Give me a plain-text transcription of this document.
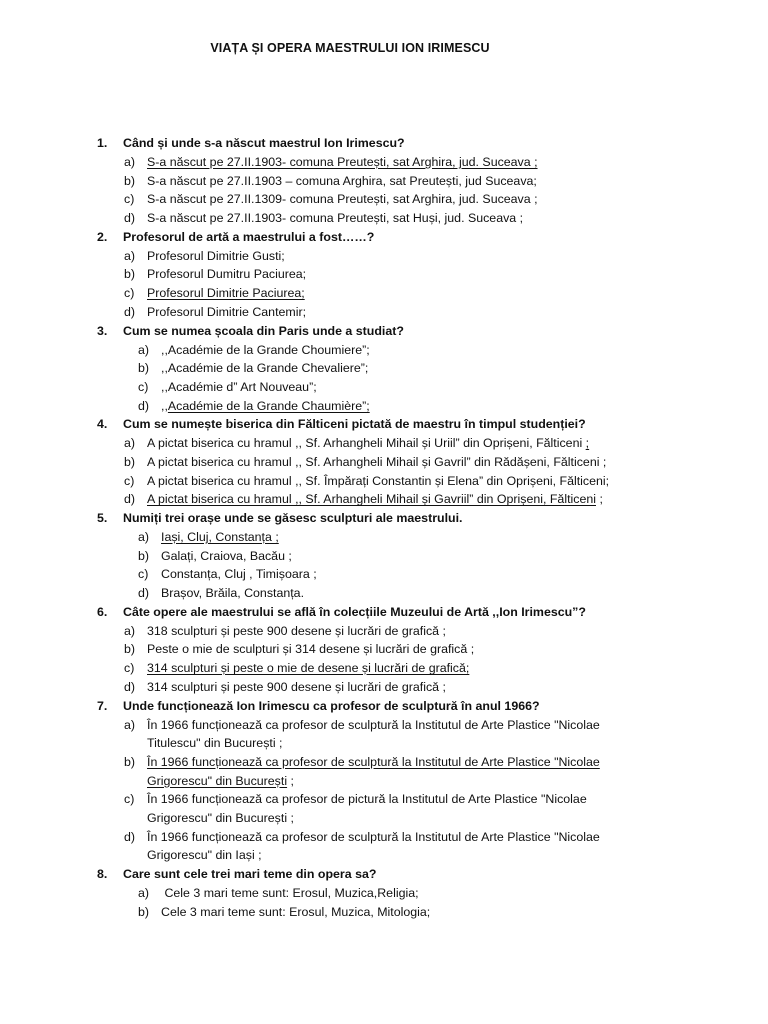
VIAȚA ȘI OPERA MAESTRULUI ION IRIMESCU
1. Când și unde s-a născut maestrul Ion Irimescu?
a) S-a născut pe 27.II.1903- comuna Preutești, sat Arghira, jud. Suceava ;
b) S-a născut pe 27.II.1903 – comuna Arghira, sat Preutești, jud Suceava;
c) S-a născut pe 27.II.1309- comuna Preutești, sat Arghira, jud. Suceava ;
d) S-a născut pe 27.II.1903- comuna Preutești, sat Huși, jud. Suceava ;
2. Profesorul de artă a maestrului a fost……?
a) Profesorul Dimitrie Gusti;
b) Profesorul Dumitru Paciurea;
c) Profesorul Dimitrie Paciurea;
d) Profesorul Dimitrie Cantemir;
3. Cum se numea școala din Paris unde a studiat?
a) ,,Académie de la Grande Choumiere”;
b) ,,Académie de la Grande Chevaliere”;
c) ,,Académie d” Art Nouveau”;
d) ,,Académie de la Grande Chaumière”;
4. Cum se numește biserica din Fălticeni pictată de maestru în timpul studenției?
a) A pictat biserica cu hramul ,, Sf. Arhangheli Mihail și Uriil” din Oprișeni, Fălticeni ;
b) A pictat biserica cu hramul ,, Sf. Arhangheli Mihail și Gavril” din Rădășeni, Fălticeni ;
c) A pictat biserica cu hramul ,, Sf. Împărați Constantin și Elena” din Oprișeni, Fălticeni;
d) A pictat biserica cu hramul ,, Sf. Arhangheli Mihail și Gavriil” din Oprișeni, Fălticeni ;
5. Numiți trei orașe unde se găsesc sculpturi ale maestrului.
a) Iași, Cluj, Constanța ;
b) Galați, Craiova, Bacău ;
c) Constanța, Cluj , Timișoara ;
d) Brașov, Brăila, Constanța.
6. Câte opere ale maestrului se află în colecțiile Muzeului de Artă ,,Ion Irimescu”?
a) 318 sculpturi și peste 900 desene și lucrări de grafică ;
b) Peste o mie de sculpturi și 314 desene și lucrări de grafică ;
c) 314 sculpturi și peste o mie de desene și lucrări de grafică;
d) 314 sculpturi și peste 900 desene și lucrări de grafică ;
7. Unde funcționează Ion Irimescu ca profesor de sculptură în anul 1966?
a) În 1966 funcționează ca profesor de sculptură la Institutul de Arte Plastice "Nicolae
Titulescu" din București ;
b) În 1966 funcționează ca profesor de sculptură la Institutul de Arte Plastice "Nicolae
Grigorescu" din București ;
c) În 1966 funcționează ca profesor de pictură la Institutul de Arte Plastice "Nicolae
Grigorescu" din București ;
d) În 1966 funcționează ca profesor de sculptură la Institutul de Arte Plastice "Nicolae
Grigorescu" din Iași ;
8. Care sunt cele trei mari teme din opera sa?
a) Cele 3 mari teme sunt: Erosul, Muzica,Religia;
b) Cele 3 mari teme sunt: Erosul, Muzica, Mitologia;
